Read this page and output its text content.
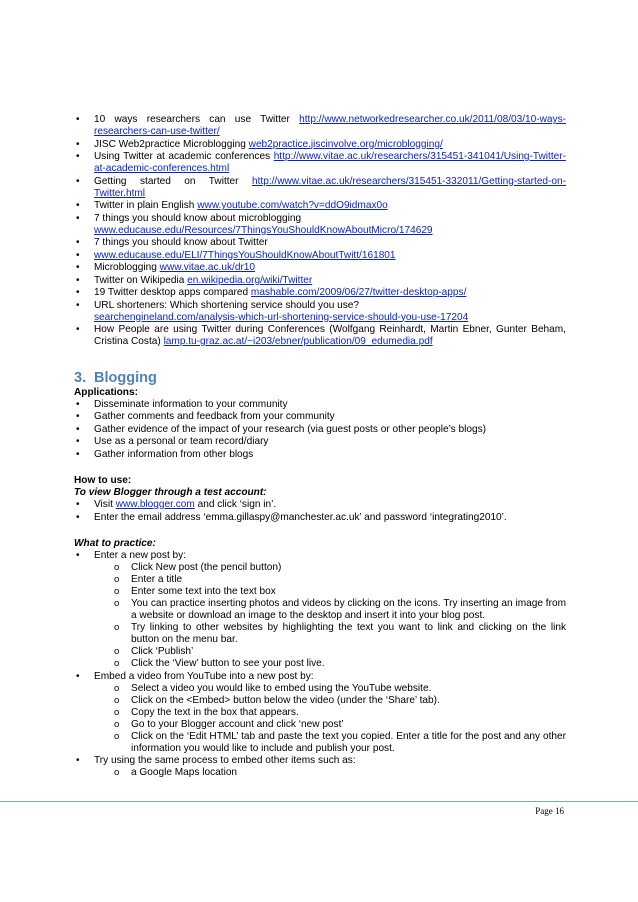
• 10 ways researchers can use Twitter http://www.networkedresearcher.co.uk/2011/08/03/10-ways-researchers-can-use-twitter/
• JISC Web2practice Microblogging web2practice.jiscinvolve.org/microblogging/
• Using Twitter at academic conferences http://www.vitae.ac.uk/researchers/315451-341041/Using-Twitter-at-academic-conferences.html
• Getting started on Twitter http://www.vitae.ac.uk/researchers/315451-332011/Getting-started-on-Twitter.html
• Twitter in plain English www.youtube.com/watch?v=ddO9idmax0o
• 7 things you should know about microblogging
www.educause.edu/Resources/7ThingsYouShouldKnowAboutMicro/174629
• 7 things you should know about Twitter
• www.educause.edu/ELI/7ThingsYouShouldKnowAboutTwitt/161801
• Microblogging www.vitae.ac.uk/dr10
• Twitter on Wikipedia en.wikipedia.org/wiki/Twitter
• 19 Twitter desktop apps compared mashable.com/2009/06/27/twitter-desktop-apps/
• URL shorteners: Which shortening service should you use?
searchengineland.com/analysis-which-url-shortening-service-should-you-use-17204
• How People are using Twitter during Conferences (Wolfgang Reinhardt, Martin Ebner, Gunter Beham, Cristina Costa) lamp.tu-graz.ac.at/~i203/ebner/publication/09_edumedia.pdf
3. Blogging
Applications:
• Disseminate information to your community
• Gather comments and feedback from your community
• Gather evidence of the impact of your research (via guest posts or other people’s blogs)
• Use as a personal or team record/diary
• Gather information from other blogs
How to use:
To view Blogger through a test account:
• Visit www.blogger.com and click ‘sign in’.
• Enter the email address ‘emma.gillaspy@manchester.ac.uk’ and password ‘integrating2010’.
What to practice:
• Enter a new post by:
o Click New post (the pencil button)
o Enter a title
o Enter some text into the text box
o You can practice inserting photos and videos by clicking on the icons. Try inserting an image from a website or download an image to the desktop and insert it into your blog post.
o Try linking to other websites by highlighting the text you want to link and clicking on the link button on the menu bar.
o Click ‘Publish’
o Click the ‘View’ button to see your post live.
• Embed a video from YouTube into a new post by:
o Select a video you would like to embed using the YouTube website.
o Click on the <Embed> button below the video (under the ‘Share’ tab).
o Copy the text in the box that appears.
o Go to your Blogger account and click ‘new post’
o Click on the ‘Edit HTML’ tab and paste the text you copied. Enter a title for the post and any other information you would like to include and publish your post.
• Try using the same process to embed other items such as:
o a Google Maps location
Page 16
